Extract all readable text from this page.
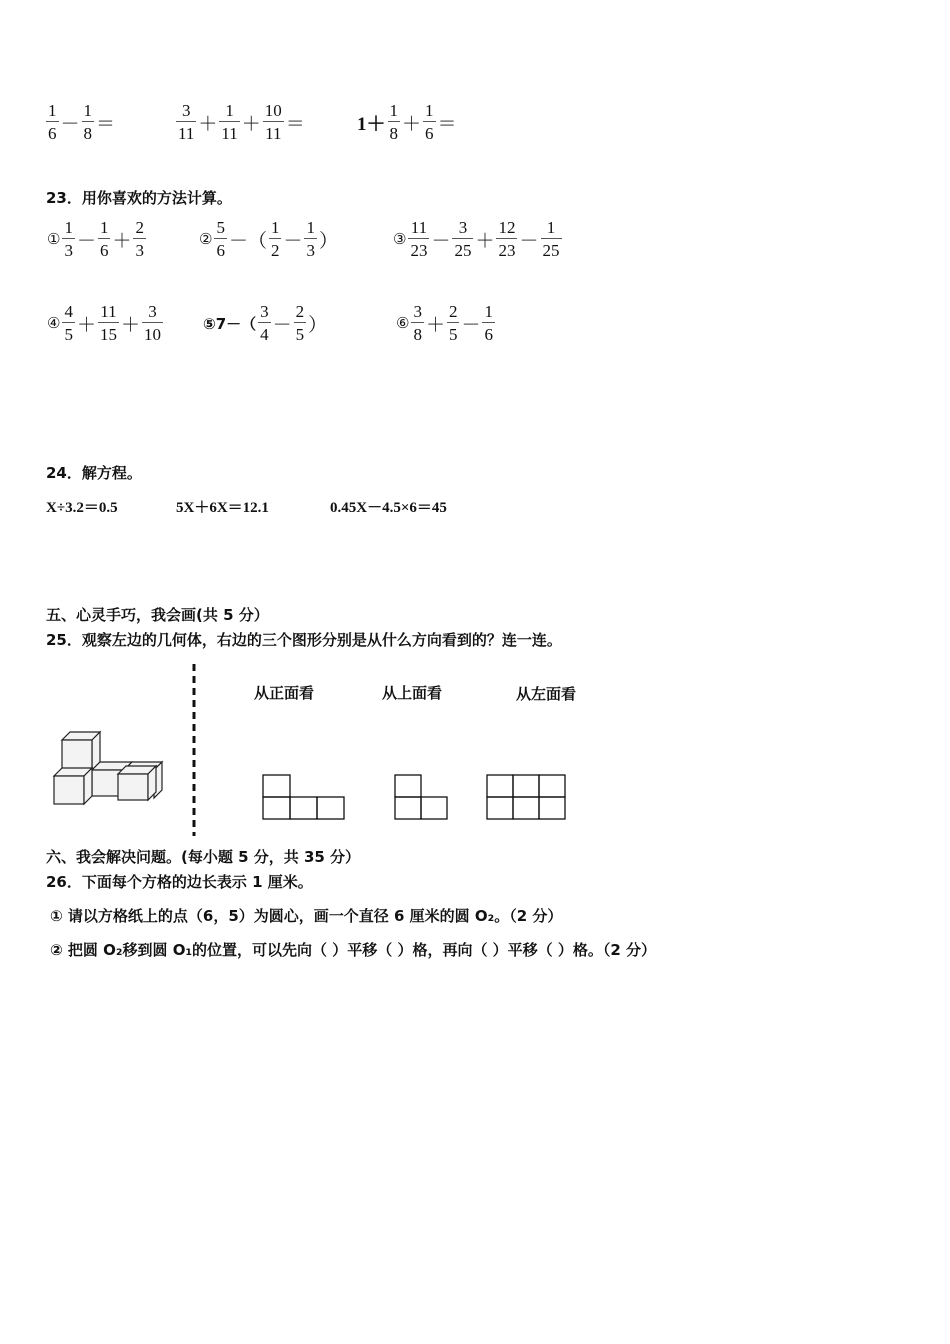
$\frac{1}{6} - \frac{1}{8}$ ＝	$\frac{3}{11} + \frac{1}{11} + \frac{10}{11}$ ＝	$1+ \frac{1}{8} + \frac{1}{6}$ ＝
23．用你喜欢的方法计算。
① $\frac{1}{3} - \frac{1}{6} + \frac{2}{3}$	② $\frac{5}{6}$ －（ $\frac{1}{2} - \frac{1}{3}$ ）	③ $\frac{11}{23} - \frac{3}{25} + \frac{12}{23} - \frac{1}{25}$
④ $\frac{4}{5} + \frac{11}{15} + \frac{3}{10}$	⑤7－（ $\frac{3}{4} - \frac{2}{5}$ ）	⑥ $\frac{3}{8} + \frac{2}{5} - \frac{1}{6}$
24．解方程。
X÷3.2＝0.5	5X＋6X＝12.1	0.45X－4.5×6＝45
五、心灵手巧，我会画(共 5 分）
25．观察左边的几何体，右边的三个图形分别是从什么方向看到的？连一连。
从正面看	从上面看	从左面看
六、我会解决问题。(每小题 5 分，共 35 分）
26．下面每个方格的边长表示 1 厘米。
① 请以方格纸上的点（6，5）为圆心，画一个直径 6 厘米的圆 O₂。（2 分）
② 把圆 O₂移到圆 O₁的位置，可以先向（ ）平移（ ）格，再向（ ）平移（ ）格。（2 分）
